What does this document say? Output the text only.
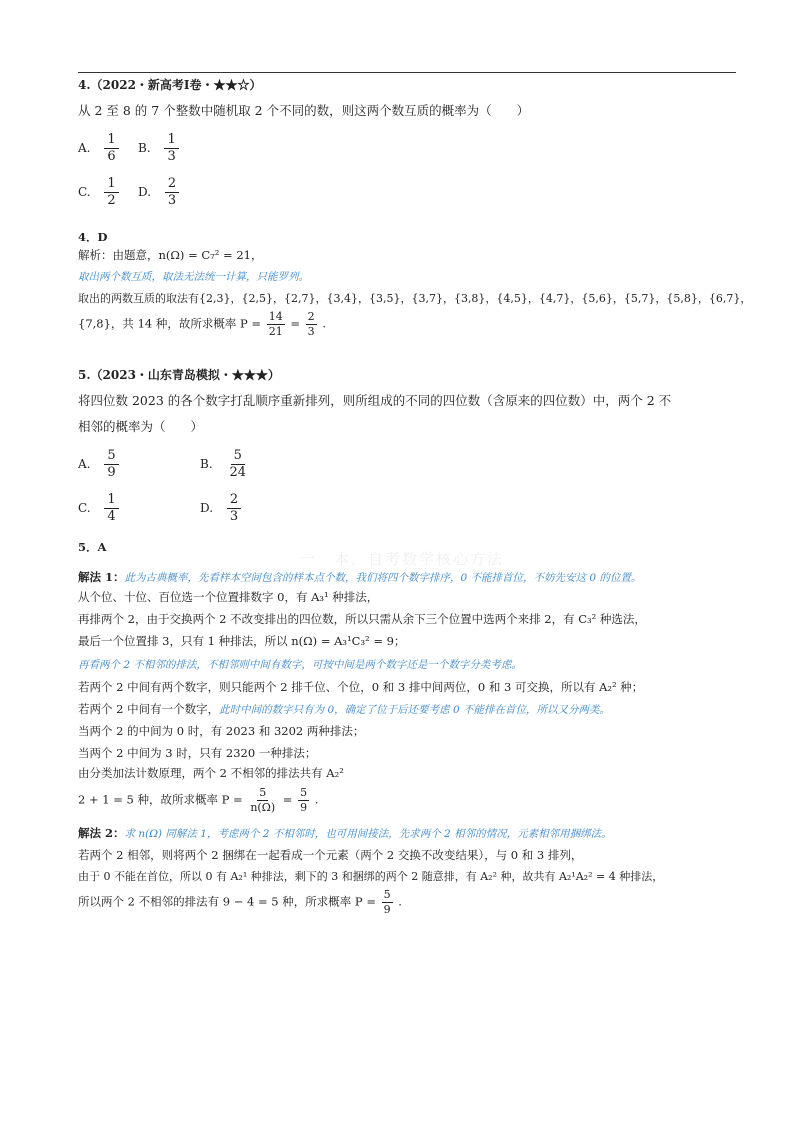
4.（2022・新高考Ⅰ卷・★★☆）
从 2 至 8 的 7 个整数中随机取 2 个不同的数，则这两个数互质的概率为（　　）
A. $\frac{1}{6} B$. $\frac{1}{3}$
C. $\frac{1}{2} D$. $\frac{2}{3}$
4．D
解析：由题意，n(Ω) = C₇² = 21，
取出两个数互质，取法无法统一计算，只能罗列。
取出的两数互质的取法有{2,3}，{2,5}，{2,7}，{3,4}，{3,5}，{3,7}，{3,8}，{4,5}，{4,7}，{5,6}，{5,7}，{5,8}，{6,7}，
{7,8}，共 14 种，故所求概率 $P = \frac{14}{21} = \frac{2}{3}$ .
5.（2023・山东青岛模拟・★★★）
将四位数 2023 的各个数字打乱顺序重新排列，则所组成的不同的四位数（含原来的四位数）中，两个 2 不
相邻的概率为（　　）
A. $\frac{5}{9}$	B. $\frac{5}{24}$
C. $\frac{1}{4}$	D. $\frac{2}{3}$
5．A
一　本，自考数学核心方法
解法 1：此为古典概率，先看样本空间包含的样本点个数，我们将四个数字排序，0 不能排首位，不妨先安这 0 的位置。
从个位、十位、百位选一个位置排数字 0，有 A₃¹ 种排法，
再排两个 2，由于交换两个 2 不改变排出的四位数，所以只需从余下三个位置中选两个来排 2，有 C₃² 种选法，
最后一个位置排 3，只有 1 种排法，所以 n(Ω) = A₃¹C₃² = 9；
再看两个 2 不相邻的排法，不相邻则中间有数字，可按中间是两个数字还是一个数字分类考虑。
若两个 2 中间有两个数字，则只能两个 2 排千位、个位，0 和 3 排中间两位，0 和 3 可交换，所以有 A₂² 种；
若两个 2 中间有一个数字，此时中间的数字只有为 0，确定了位于后还要考虑 0 不能排在首位，所以又分两类。
当两个 2 的中间为 0 时，有 2023 和 3202 两种排法；
当两个 2 中间为 3 时，只有 2320 一种排法；
由分类加法计数原理，两个 2 不相邻的排法共有 A₂²
2 + 1 = 5 种，故所求概率 $P = \frac{5}{n(\Omega)} = \frac{5}{9}$ .
解法 2：求 n(Ω) 同解法 1，考虑两个 2 不相邻时，也可用间接法，先求两个 2 相邻的情况，元素相邻用捆绑法。
若两个 2 相邻，则将两个 2 捆绑在一起看成一个元素（两个 2 交换不改变结果），与 0 和 3 排列，
由于 0 不能在首位，所以 0 有 A₂¹ 种排法，剩下的 3 和捆绑的两个 2 随意排，有 A₂² 种，故共有 A₂¹A₂² = 4 种排法，
所以两个 2 不相邻的排法有 9 − 4 = 5 种，所求概率 $P = \frac{5}{9}$ .
